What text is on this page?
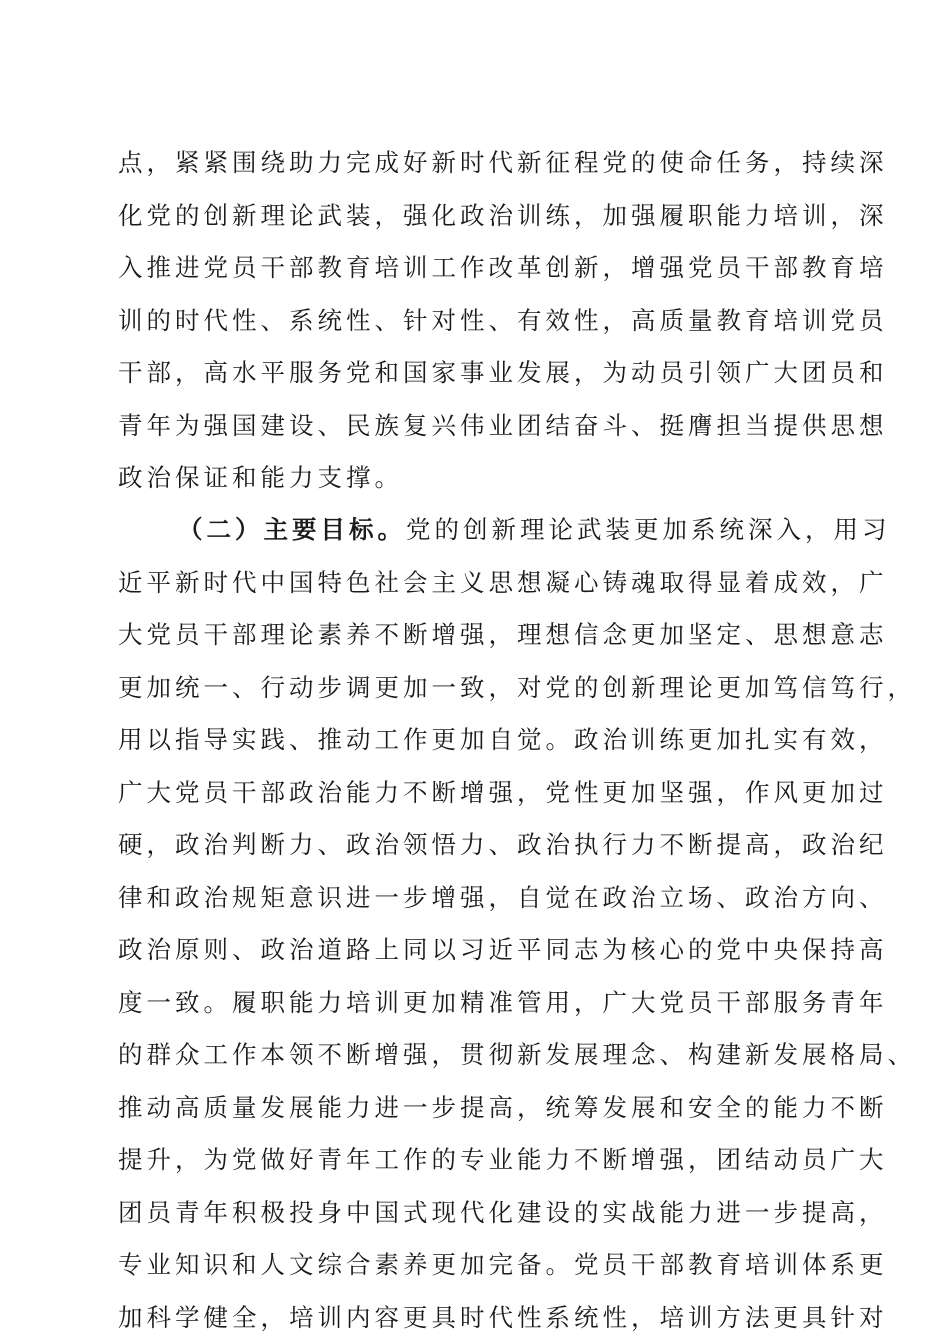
点，紧紧围绕助力完成好新时代新征程党的使命任务，持续深
化党的创新理论武装，强化政治训练，加强履职能力培训，深
入推进党员干部教育培训工作改革创新，增强党员干部教育培
训的时代性、系统性、针对性、有效性，高质量教育培训党员
干部，高水平服务党和国家事业发展，为动员引领广大团员和
青年为强国建设、民族复兴伟业团结奋斗、挺膺担当提供思想
政治保证和能力支撑。
（二）主要目标。党的创新理论武装更加系统深入，用习
近平新时代中国特色社会主义思想凝心铸魂取得显着成效，广
大党员干部理论素养不断增强，理想信念更加坚定、思想意志
更加统一、行动步调更加一致，对党的创新理论更加笃信笃行，
用以指导实践、推动工作更加自觉。政治训练更加扎实有效，
广大党员干部政治能力不断增强，党性更加坚强，作风更加过
硬，政治判断力、政治领悟力、政治执行力不断提高，政治纪
律和政治规矩意识进一步增强，自觉在政治立场、政治方向、
政治原则、政治道路上同以习近平同志为核心的党中央保持高
度一致。履职能力培训更加精准管用，广大党员干部服务青年
的群众工作本领不断增强，贯彻新发展理念、构建新发展格局、
推动高质量发展能力进一步提高，统筹发展和安全的能力不断
提升，为党做好青年工作的专业能力不断增强，团结动员广大
团员青年积极投身中国式现代化建设的实战能力进一步提高，
专业知识和人文综合素养更加完备。党员干部教育培训体系更
加科学健全，培训内容更具时代性系统性，培训方法更具针对
